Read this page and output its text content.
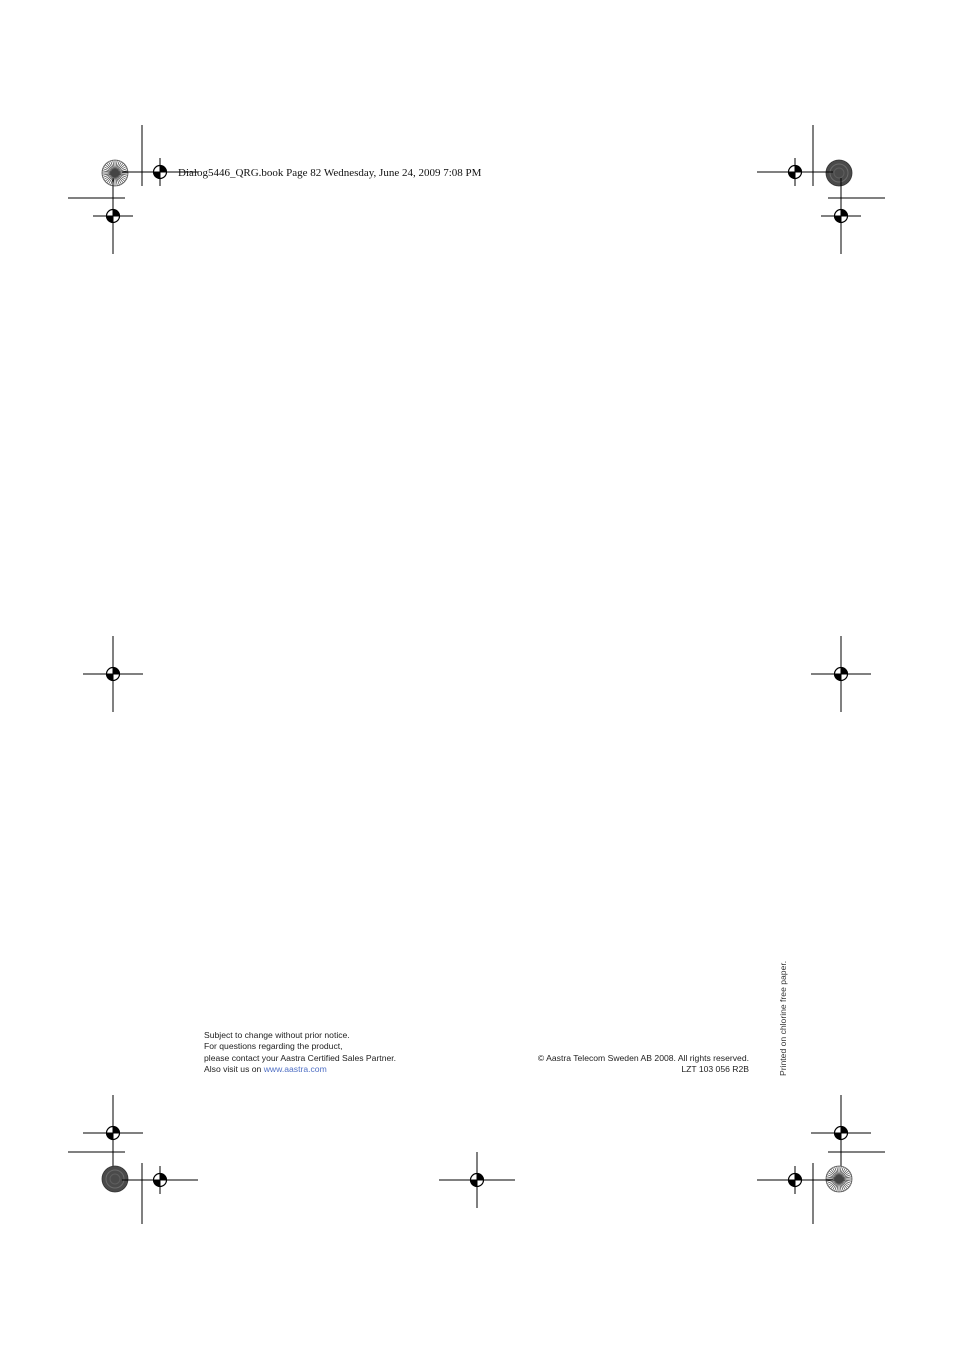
Dialog5446_QRG.book Page 82 Wednesday, June 24, 2009 7:08 PM
Subject to change without prior notice.
For questions regarding the product,
please contact your Aastra Certified Sales Partner.
Also visit us on www.aastra.com
© Aastra Telecom Sweden AB 2008. All rights reserved.
LZT 103 056 R2B	Printed on chlorine free paper.
